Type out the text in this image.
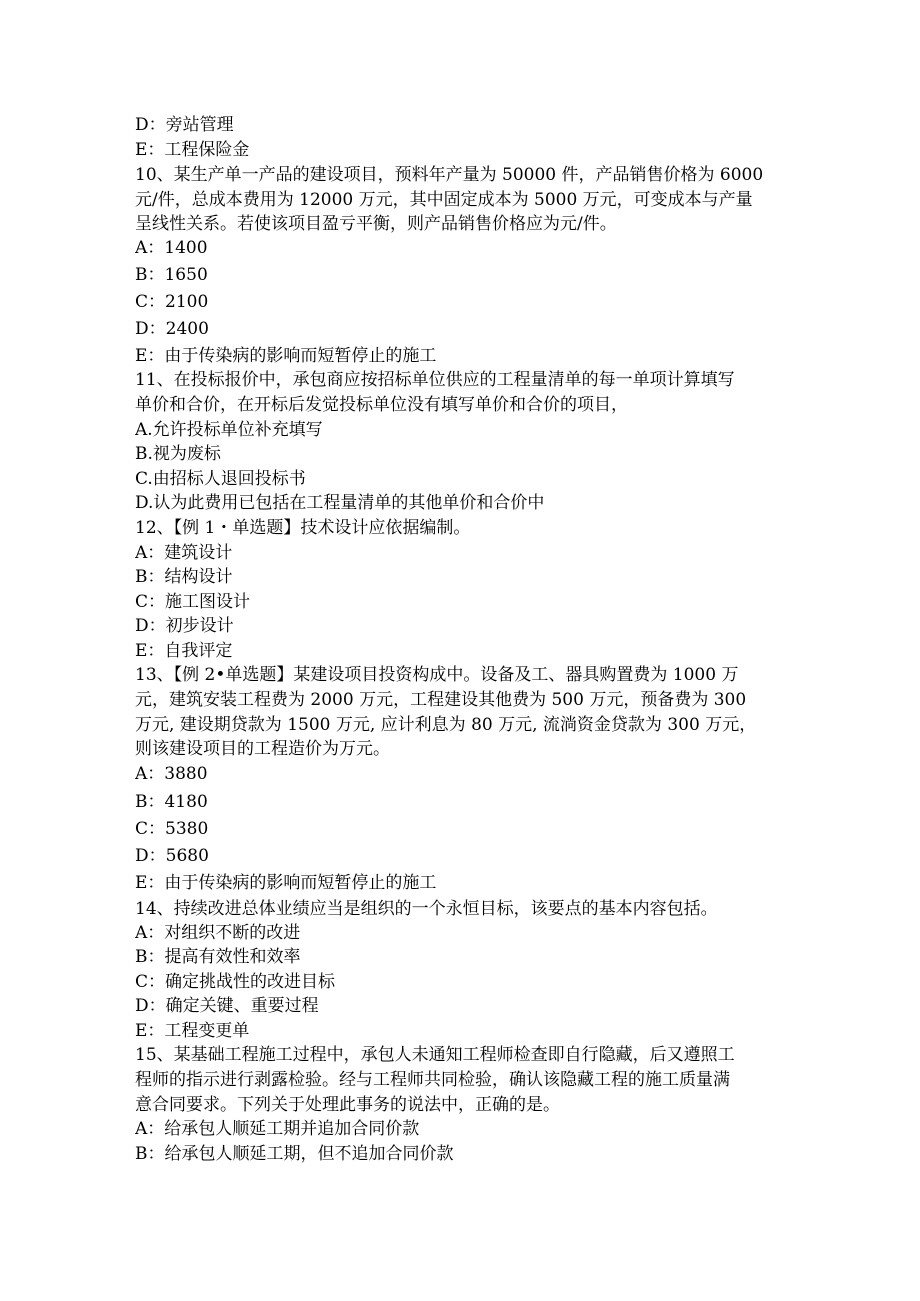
D：旁站管理
E：工程保险金
10、某生产单一产品的建设项目，预料年产量为 50000 件，产品销售价格为 6000
元/件，总成本费用为 12000 万元，其中固定成本为 5000 万元，可变成本与产量
呈线性关系。若使该项目盈亏平衡，则产品销售价格应为元/件。
A：1400
B：1650
C：2100
D：2400
E：由于传染病的影响而短暂停止的施工
11、在投标报价中，承包商应按招标单位供应的工程量清单的每一单项计算填写
单价和合价，在开标后发觉投标单位没有填写单价和合价的项目，
A.允许投标单位补充填写
B.视为废标
C.由招标人退回投标书
D.认为此费用已包括在工程量清单的其他单价和合价中
12、【例 1・单选题】技术设计应依据编制。
A：建筑设计
B：结构设计
C：施工图设计
D：初步设计
E：自我评定
13、【例 2•单选题】某建设项目投资构成中。设备及工、器具购置费为 1000 万
元，建筑安装工程费为 2000 万元，工程建设其他费为 500 万元，预备费为 300
万元, 建设期贷款为 1500 万元, 应计利息为 80 万元, 流淌资金贷款为 300 万元，
则该建设项目的工程造价为万元。
A：3880
B：4180
C：5380
D：5680
E：由于传染病的影响而短暂停止的施工
14、持续改进总体业绩应当是组织的一个永恒目标，该要点的基本内容包括。
A：对组织不断的改进
B：提高有效性和效率
C：确定挑战性的改进目标
D：确定关键、重要过程
E：工程变更单
15、某基础工程施工过程中，承包人未通知工程师检查即自行隐藏，后又遵照工
程师的指示进行剥露检验。经与工程师共同检验，确认该隐藏工程的施工质量满
意合同要求。下列关于处理此事务的说法中，正确的是。
A：给承包人顺延工期并追加合同价款
B：给承包人顺延工期，但不追加合同价款
